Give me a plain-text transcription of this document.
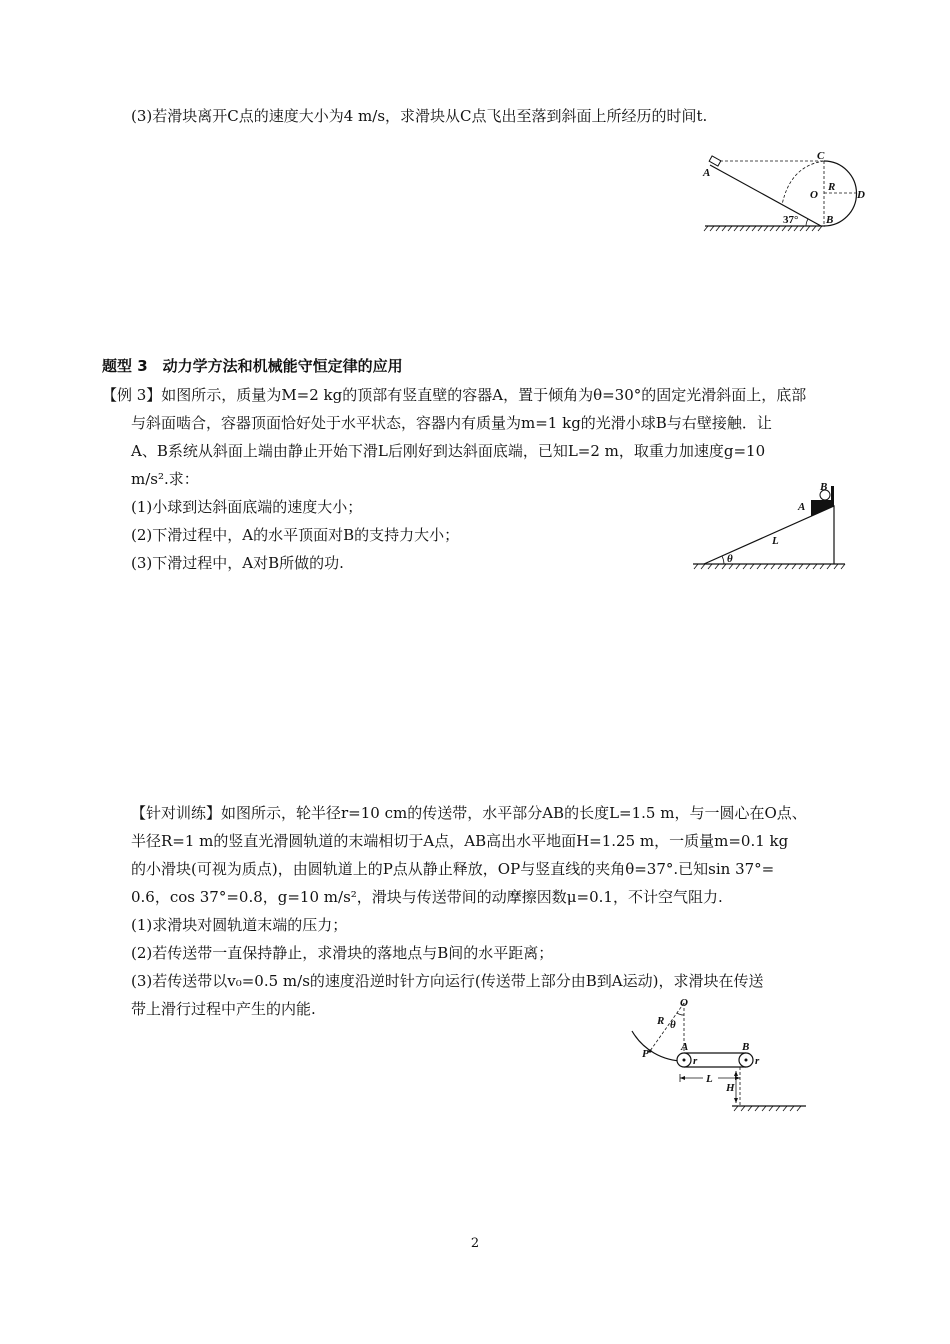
(3)若滑块离开C点的速度大小为4 m/s，求滑块从C点飞出至落到斜面上所经历的时间t.
A
C
O
R
D
B
37°
题型 3　动力学方法和机械能守恒定律的应用
【例 3】如图所示，质量为M=2 kg的顶部有竖直壁的容器A，置于倾角为θ=30°的固定光滑斜面上，底部
与斜面啮合，容器顶面恰好处于水平状态，容器内有质量为m=1 kg的光滑小球B与右壁接触．让
A、B系统从斜面上端由静止开始下滑L后刚好到达斜面底端，已知L=2 m，取重力加速度g=10
m/s².求：
(1)小球到达斜面底端的速度大小；
(2)下滑过程中，A的水平顶面对B的支持力大小；
(3)下滑过程中，A对B所做的功.
A
B
L
θ
【针对训练】如图所示，轮半径r=10 cm的传送带，水平部分AB的长度L=1.5 m，与一圆心在O点、
半径R=1 m的竖直光滑圆轨道的末端相切于A点，AB高出水平地面H=1.25 m，一质量m=0.1 kg
的小滑块(可视为质点)，由圆轨道上的P点从静止释放，OP与竖直线的夹角θ=37°.已知sin 37°=
0.6，cos 37°=0.8，g=10 m/s²，滑块与传送带间的动摩擦因数μ=0.1，不计空气阻力.
(1)求滑块对圆轨道末端的压力；
(2)若传送带一直保持静止，求滑块的落地点与B间的水平距离；
(3)若传送带以v₀=0.5 m/s的速度沿逆时针方向运行(传送带上部分由B到A运动)，求滑块在传送
带上滑行过程中产生的内能.	O
R θ
P
A	B
r	r
L
H
2
